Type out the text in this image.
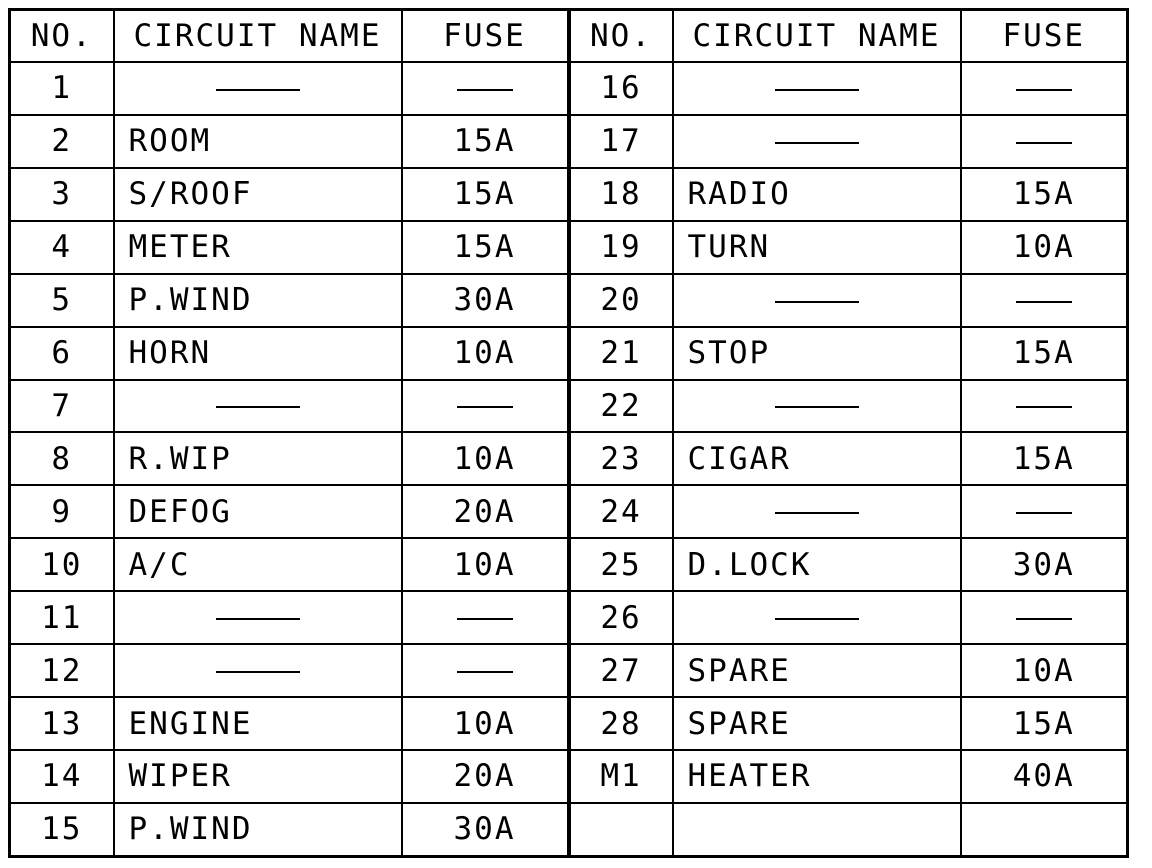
NO.	CIRCUIT NAME	FUSE	NO.	CIRCUIT NAME	FUSE
1			16		
2	ROOM	15A	17		
3	S/ROOF	15A	18	RADIO	15A
4	METER	15A	19	TURN	10A
5	P.WIND	30A	20		
6	HORN	10A	21	STOP	15A
7			22		
8	R.WIP	10A	23	CIGAR	15A
9	DEFOG	20A	24		
10	A/C	10A	25	D.LOCK	30A
11			26		
12			27	SPARE	10A
13	ENGINE	10A	28	SPARE	15A
14	WIPER	20A	M1	HEATER	40A
15	P.WIND	30A			
